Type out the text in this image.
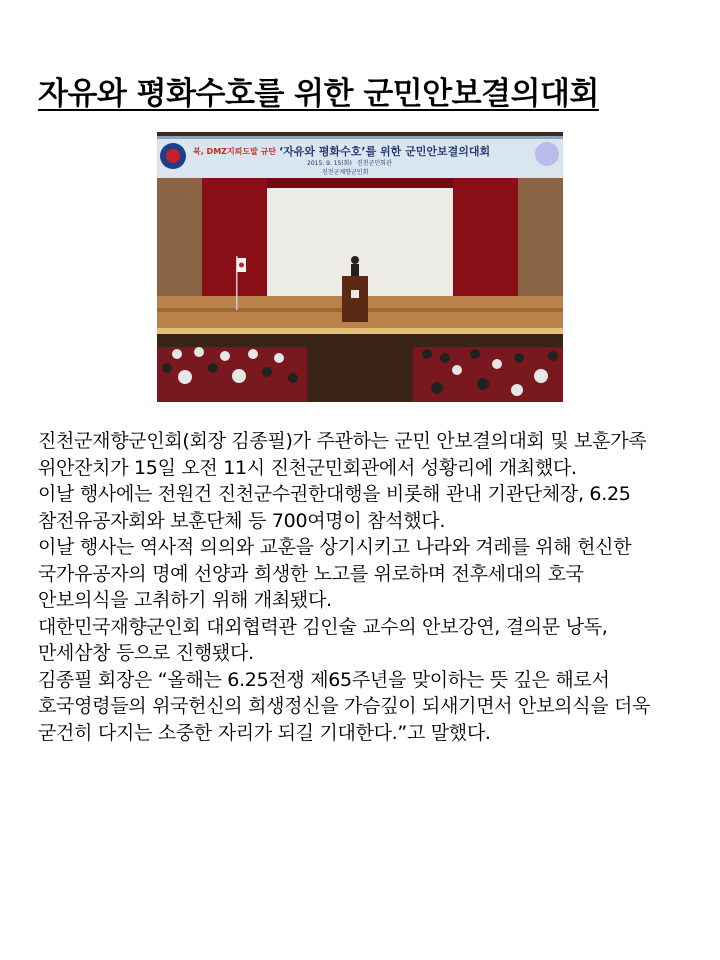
자유와 평화수호를 위한 군민안보결의대회
북, DMZ지뢰도발 규탄 ‘자유와 평화수호’를 위한 군민안보결의대회
2015. 9. 15(화) 진천군민회관
진천군재향군인회

진천군재향군인회(회장 김종필)가 주관하는 군민 안보결의대회 및 보훈가족 위안잔치가 15일 오전 11시 진천군민회관에서 성황리에 개최했다.

이날 행사에는 전원건 진천군수권한대행을 비롯해 관내 기관단체장, 6.25 참전유공자회와 보훈단체 등 700여명이 참석했다.

이날 행사는 역사적 의의와 교훈을 상기시키고 나라와 겨레를 위해 헌신한 국가유공자의 명예 선양과 희생한 노고를 위로하며 전후세대의 호국 안보의식을 고취하기 위해 개최됐다.

대한민국재향군인회 대외협력관 김인술 교수의 안보강연, 결의문 낭독, 만세삼창 등으로 진행됐다.

김종필 회장은 “올해는 6.25전쟁 제65주년을 맞이하는 뜻 깊은 해로서 호국영령들의 위국헌신의 희생정신을 가슴깊이 되새기면서 안보의식을 더욱 굳건히 다지는 소중한 자리가 되길 기대한다.”고 말했다.
